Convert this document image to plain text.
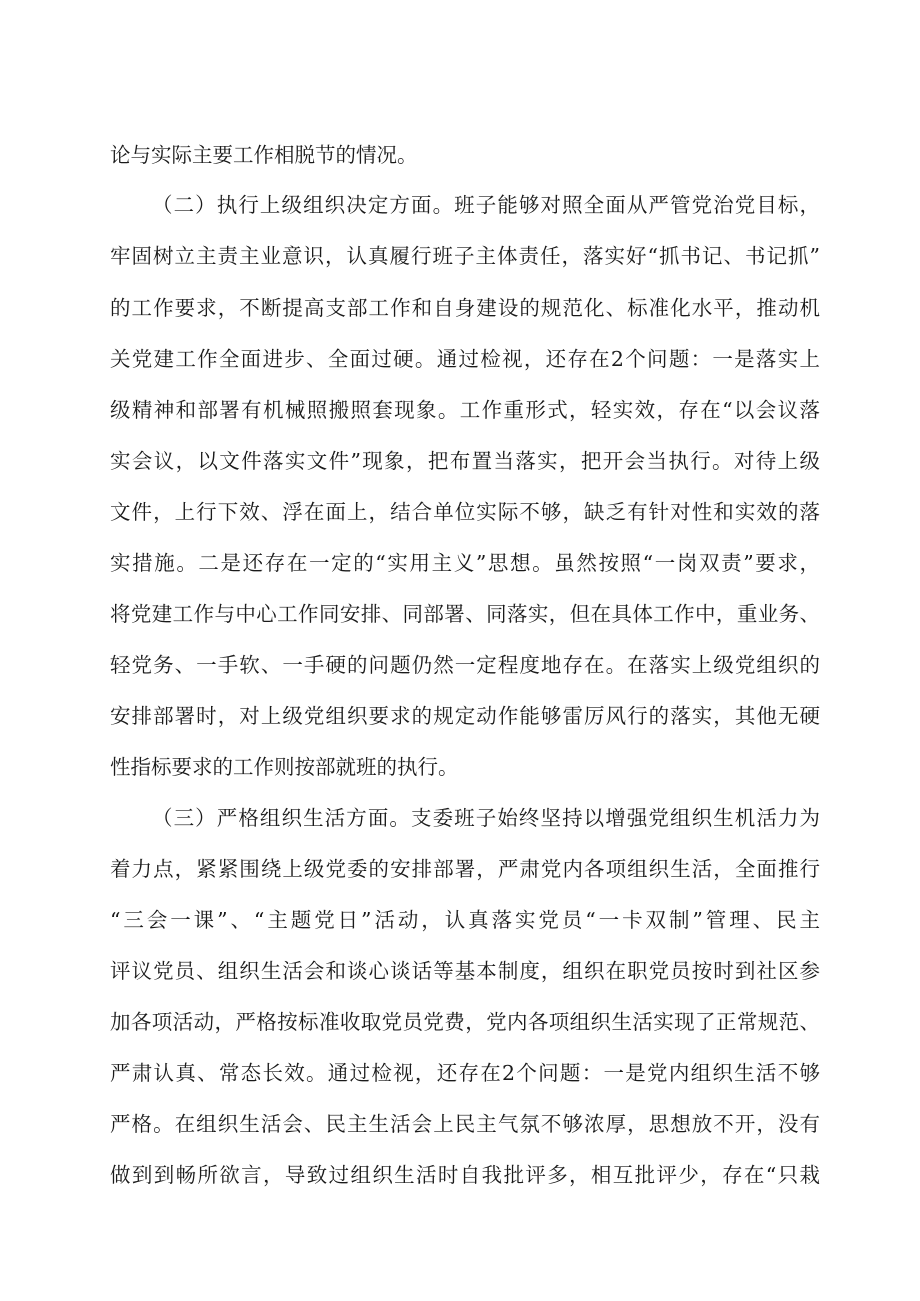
论与实际主要工作相脱节的情况。
（二）执行上级组织决定方面。班子能够对照全面从严管党治党目标，
牢固树立主责主业意识，认真履行班子主体责任，落实好“抓书记、书记抓”
的工作要求，不断提高支部工作和自身建设的规范化、标准化水平，推动机
关党建工作全面进步、全面过硬。通过检视，还存在2个问题：一是落实上
级精神和部署有机械照搬照套现象。工作重形式，轻实效，存在“以会议落
实会议，以文件落实文件”现象，把布置当落实，把开会当执行。对待上级
文件，上行下效、浮在面上，结合单位实际不够，缺乏有针对性和实效的落
实措施。二是还存在一定的“实用主义”思想。虽然按照“一岗双责”要求，
将党建工作与中心工作同安排、同部署、同落实，但在具体工作中，重业务、
轻党务、一手软、一手硬的问题仍然一定程度地存在。在落实上级党组织的
安排部署时，对上级党组织要求的规定动作能够雷厉风行的落实，其他无硬
性指标要求的工作则按部就班的执行。
（三）严格组织生活方面。支委班子始终坚持以增强党组织生机活力为
着力点，紧紧围绕上级党委的安排部署，严肃党内各项组织生活，全面推行
“三会一课”、“主题党日”活动，认真落实党员“一卡双制”管理、民主
评议党员、组织生活会和谈心谈话等基本制度，组织在职党员按时到社区参
加各项活动，严格按标准收取党员党费，党内各项组织生活实现了正常规范、
严肃认真、常态长效。通过检视，还存在2个问题：一是党内组织生活不够
严格。在组织生活会、民主生活会上民主气氛不够浓厚，思想放不开，没有
做到到畅所欲言，导致过组织生活时自我批评多，相互批评少，存在“只栽
